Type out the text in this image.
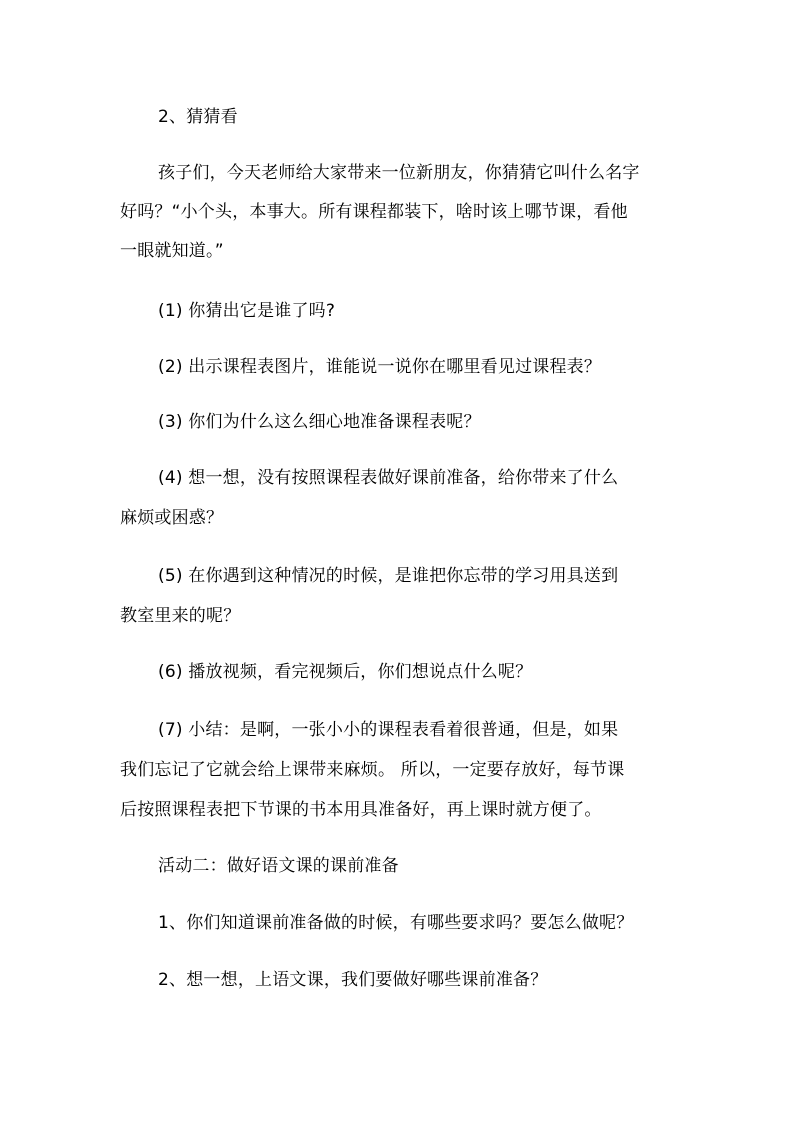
2、猜猜看
孩子们，今天老师给大家带来一位新朋友，你猜猜它叫什么名字
好吗？“小个头，本事大。所有课程都装下，啥时该上哪节课，看他
一眼就知道。”
(1) 你猜出它是谁了吗?
(2) 出示课程表图片，谁能说一说你在哪里看见过课程表？
(3) 你们为什么这么细心地准备课程表呢？
(4) 想一想，没有按照课程表做好课前准备，给你带来了什么
麻烦或困惑？
(5) 在你遇到这种情况的时候，是谁把你忘带的学习用具送到
教室里来的呢？
(6) 播放视频，看完视频后，你们想说点什么呢？
(7) 小结：是啊，一张小小的课程表看着很普通，但是，如果
我们忘记了它就会给上课带来麻烦。 所以，一定要存放好，每节课
后按照课程表把下节课的书本用具准备好，再上课时就方便了。
活动二：做好语文课的课前准备
1、你们知道课前准备做的时候，有哪些要求吗？要怎么做呢？
2、想一想，上语文课，我们要做好哪些课前准备？
